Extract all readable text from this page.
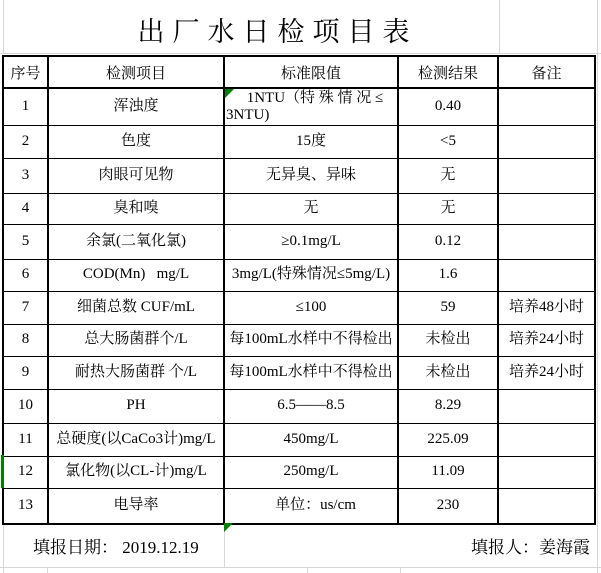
出厂水日检项目表
序号	检测项目	标准限值	检测结果	备注

1	浑浊度	1NTU（特 殊 情 况 ≤
3NTU)	0.40	

2	色度	15度	<5	

3	肉眼可见物	无异臭、异味	无	

4	臭和嗅	无	无	

5	余氯(二氧化氯)	≥0.1mg/L	0.12	

6	COD(Mn)   mg/L	3mg/L(特殊情况≤5mg/L)	1.6	

7	细菌总数 CUF/mL	≤100	59	培养48小时

8	总大肠菌群个/L	每100mL水样中不得检出	未检出	培养24小时

9	耐热大肠菌群 个/L	每100mL水样中不得检出	未检出	培养24小时

10	PH	6.5——8.5	8.29	

11	总硬度(以CaCo3计)mg/L	450mg/L	225.09	

12	氯化物(以CL-计)mg/L	250mg/L	11.09	

13	电导率	单位：us/cm	230	

填报日期： 2019.12.19	填报人：姜海霞
